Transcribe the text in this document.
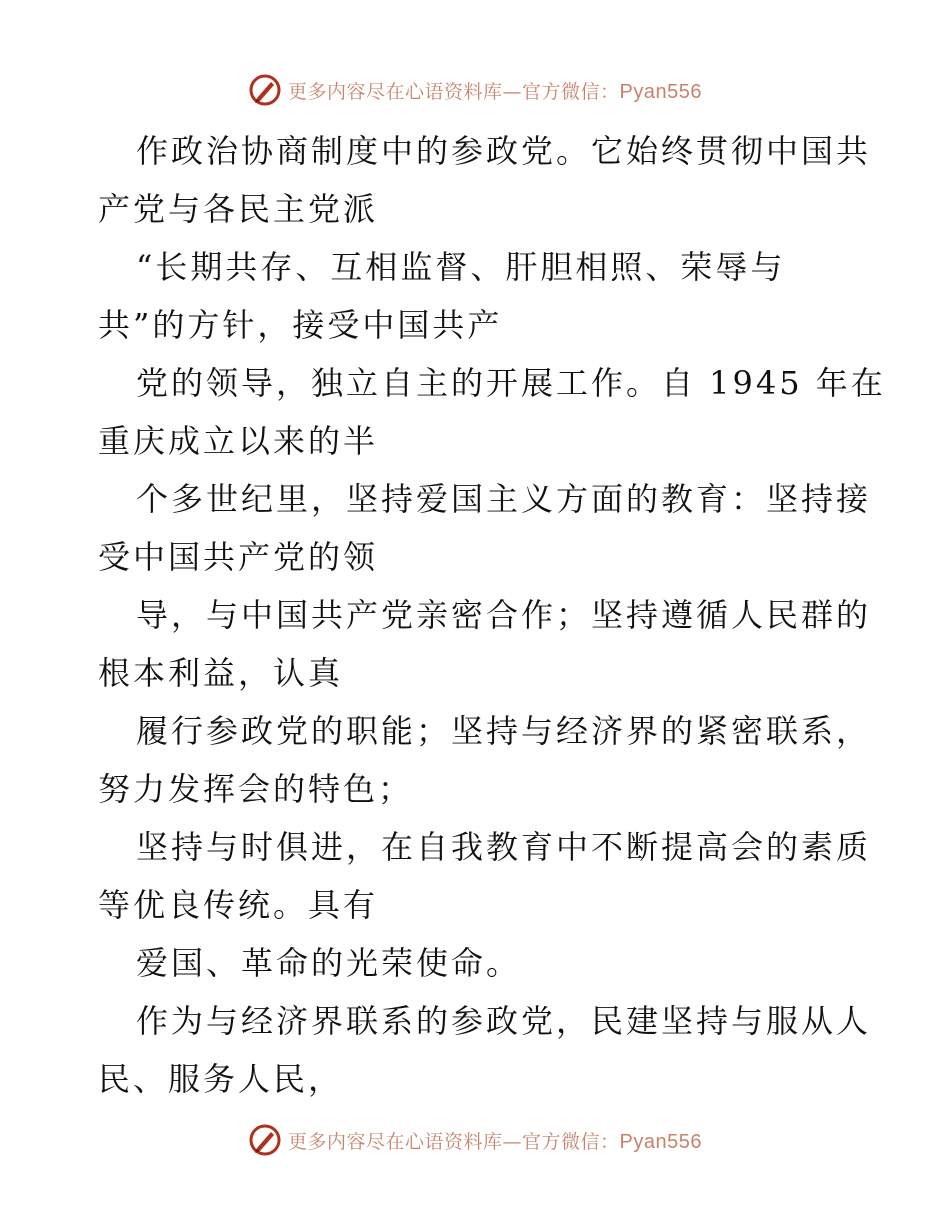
更多内容尽在心语资料库—官方微信：Pyan556
作政治协商制度中的参政党。它始终贯彻中国共
产党与各民主党派
“长期共存、互相监督、肝胆相照、荣辱与
共”的方针，接受中国共产
党的领导，独立自主的开展工作。自 1945 年在
重庆成立以来的半
个多世纪里，坚持爱国主义方面的教育：坚持接
受中国共产党的领
导，与中国共产党亲密合作；坚持遵循人民群的
根本利益，认真
履行参政党的职能；坚持与经济界的紧密联系，
努力发挥会的特色；
坚持与时俱进，在自我教育中不断提高会的素质
等优良传统。具有
爱国、革命的光荣使命。
作为与经济界联系的参政党，民建坚持与服从人
民、服务人民，
更多内容尽在心语资料库—官方微信：Pyan556
